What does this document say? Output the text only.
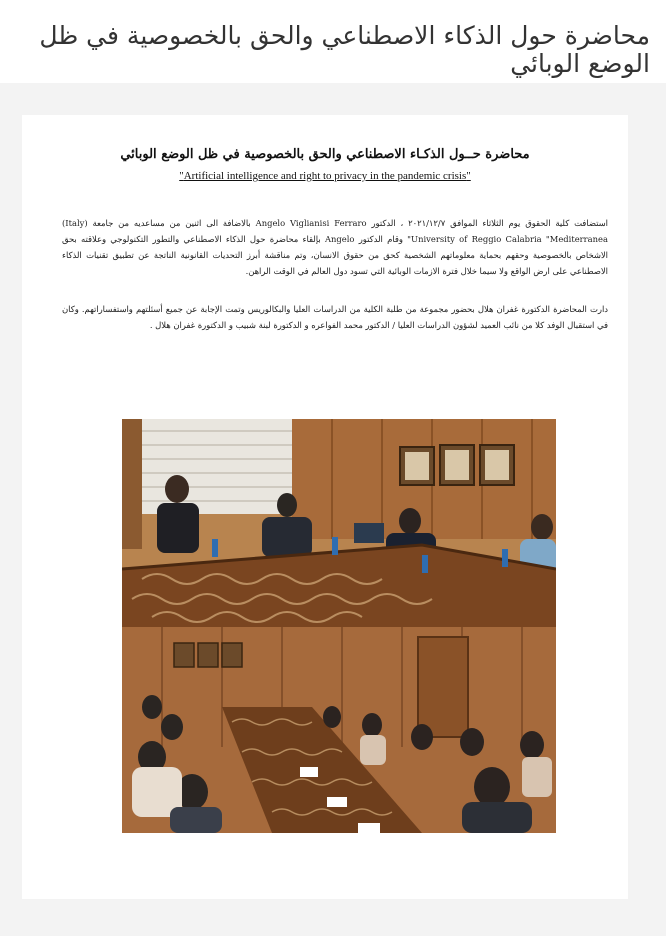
محاضرة حول الذكاء الاصطناعي والحق بالخصوصية في ظل الوضع الوبائي
محاضرة حــول الذكـاء الاصطناعي والحق بالخصوصية في ظل الوضع الوبائي
"Artificial intelligence and right to privacy in the pandemic crisis"

استضافت كلية الحقوق يوم الثلاثاء الموافق ٢٠٢١/١٢/٧ ، الدكتور Angelo Viglianisi Ferraro بالاضافة الى اثنين من مساعديه من جامعة (Italy) University of Reggio Calabria "Mediterranea" وقام الدكتور Angelo بإلقاء محاضرة حول الذكاء الاصطناعي والتطور التكنولوجي وعلاقته بحق الاشخاص بالخصوصية وحقهم بحماية معلوماتهم الشخصية كحق من حقوق الانسان، وتم مناقشة أبرز التحديات القانونية الناتجة عن تطبيق تقنيات الذكاء الاصطناعي على ارض الواقع ولا سيما خلال فترة الازمات الوبائية التي تسود دول العالم في الوقت الراهن.

دارت المحاضرة الدكتورة غفران هلال بحضور مجموعة من طلبة الكلية من الدراسات العليا والبكالوريس وتمت الإجابة عن جميع أسئلتهم واستفساراتهم. وكان في استقبال الوفد كلا من نائب العميد لشؤون الدراسات العليا / الدكتور محمد الفواعره و الدكتورة لبنة شبيب و الدكتورة غفران هلال .
